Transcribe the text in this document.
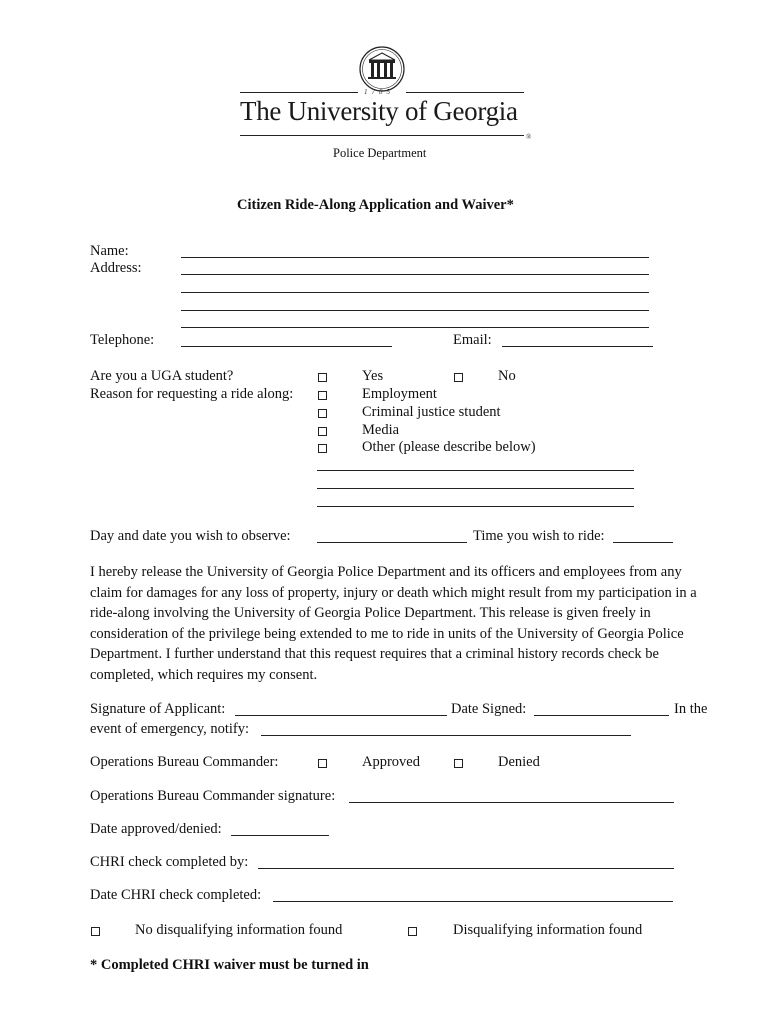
1785
The University of Georgia
®
Police Department
Citizen Ride-Along Application and Waiver*
Name:
Address:
Telephone:	Email:
Are you a UGA student?	Yes	No
Reason for requesting a ride along:	Employment
Criminal justice student
Media
Other (please describe below)
Day and date you wish to observe:	Time you wish to ride:
I hereby release the University of Georgia Police Department and its officers and employees from any claim for damages for any loss of property, injury or death which might result from my participation in a ride-along involving the University of Georgia Police Department. This release is given freely in consideration of the privilege being extended to me to ride in units of the University of Georgia Police Department. I further understand that this request requires that a criminal history records check be completed, which requires my consent.
Signature of Applicant:	Date Signed:	In the
event of emergency, notify:
Operations Bureau Commander:	Approved	Denied
Operations Bureau Commander signature:
Date approved/denied:
CHRI check completed by:
Date CHRI check completed:
No disqualifying information found	Disqualifying information found
* Completed CHRI waiver must be turned in
